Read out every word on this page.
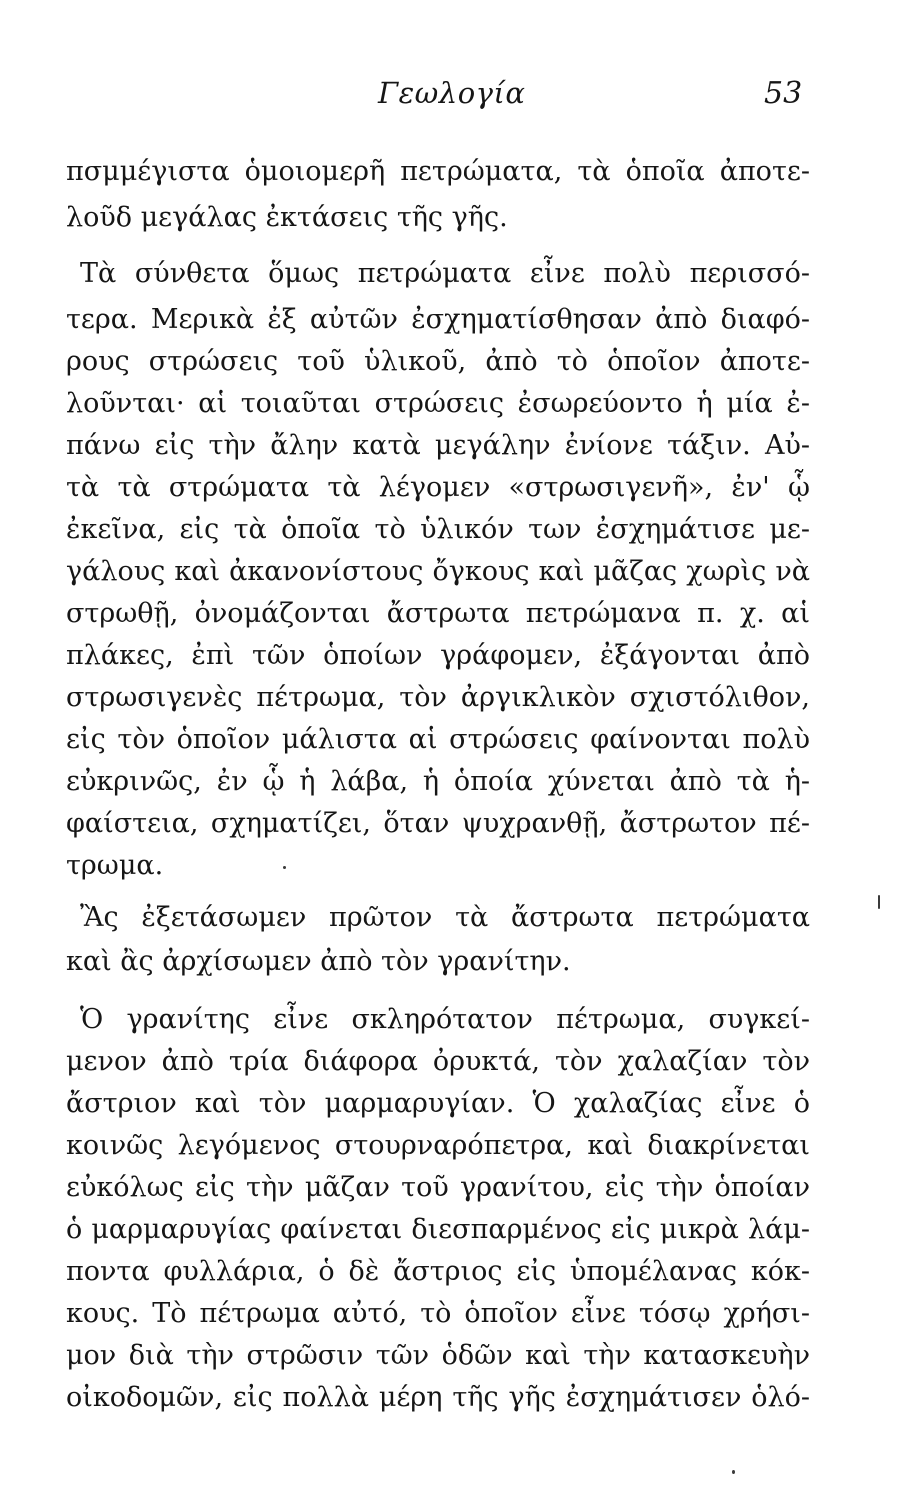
Γεωλογία	53
πσμμέγιστα ὁμοιομερῆ πετρώματα, τὰ ὁποῖα ἀποτε-
λοῦδ μεγάλας ἐκτάσεις τῆς γῆς.
Τὰ σύνθετα ὅμως πετρώματα εἶνε πολὺ περισσό-
τερα. Μερικὰ ἐξ αὐτῶν ἐσχηματίσθησαν ἀπὸ διαφό-
ρους στρώσεις τοῦ ὑλικοῦ, ἀπὸ τὸ ὁποῖον ἀποτε-
λοῦνται· αἱ τοιαῦται στρώσεις ἐσωρεύοντο ἡ μία ἐ-
πάνω εἰς τὴν ἄλην κατὰ μεγάλην ἐνίονε τάξιν. Αὐ-
τὰ τὰ στρώματα τὰ λέγομεν «στρωσιγενῆ», ἐν' ᾧ
ἐκεῖνα, εἰς τὰ ὁποῖα τὸ ὑλικόν των ἐσχημάτισε με-
γάλους καὶ ἀκανονίστους ὄγκους καὶ μᾶζας χωρὶς νὰ
στρωθῇ, ὀνομάζονται ἄστρωτα πετρώμανα π. χ. αἱ
πλάκες, ἐπὶ τῶν ὁποίων γράφομεν, ἐξάγονται ἀπὸ
στρωσιγενὲς πέτρωμα, τὸν ἀργικλικὸν σχιστόλιθον,
εἰς τὸν ὁποῖον μάλιστα αἱ στρώσεις φαίνονται πολὺ
εὐκρινῶς, ἐν ᾧ ἡ λάβα, ἡ ὁποία χύνεται ἀπὸ τὰ ἡ-
φαίστεια, σχηματίζει, ὅταν ψυχρανθῇ, ἄστρωτον πέ-
τρωμα.
Ἂς ἐξετάσωμεν πρῶτον τὰ ἄστρωτα πετρώματα
καὶ ἂς ἀρχίσωμεν ἀπὸ τὸν γρανίτην.
Ὁ γρανίτης εἶνε σκληρότατον πέτρωμα, συγκεί-
μενον ἀπὸ τρία διάφορα ὀρυκτά, τὸν χαλαζίαν τὸν
ἄστριον καὶ τὸν μαρμαρυγίαν. Ὁ χαλαζίας εἶνε ὁ
κοινῶς λεγόμενος στουρναρόπετρα, καὶ διακρίνεται
εὐκόλως εἰς τὴν μᾶζαν τοῦ γρανίτου, εἰς τὴν ὁποίαν
ὁ μαρμαρυγίας φαίνεται διεσπαρμένος εἰς μικρὰ λάμ-
ποντα φυλλάρια, ὁ δὲ ἄστριος εἰς ὑπομέλανας κόκ-
κους. Τὸ πέτρωμα αὐτό, τὸ ὁποῖον εἶνε τόσῳ χρήσι-
μον διὰ τὴν στρῶσιν τῶν ὁδῶν καὶ τὴν κατασκευὴν
οἰκοδομῶν, εἰς πολλὰ μέρη τῆς γῆς ἐσχημάτισεν ὁλό-
